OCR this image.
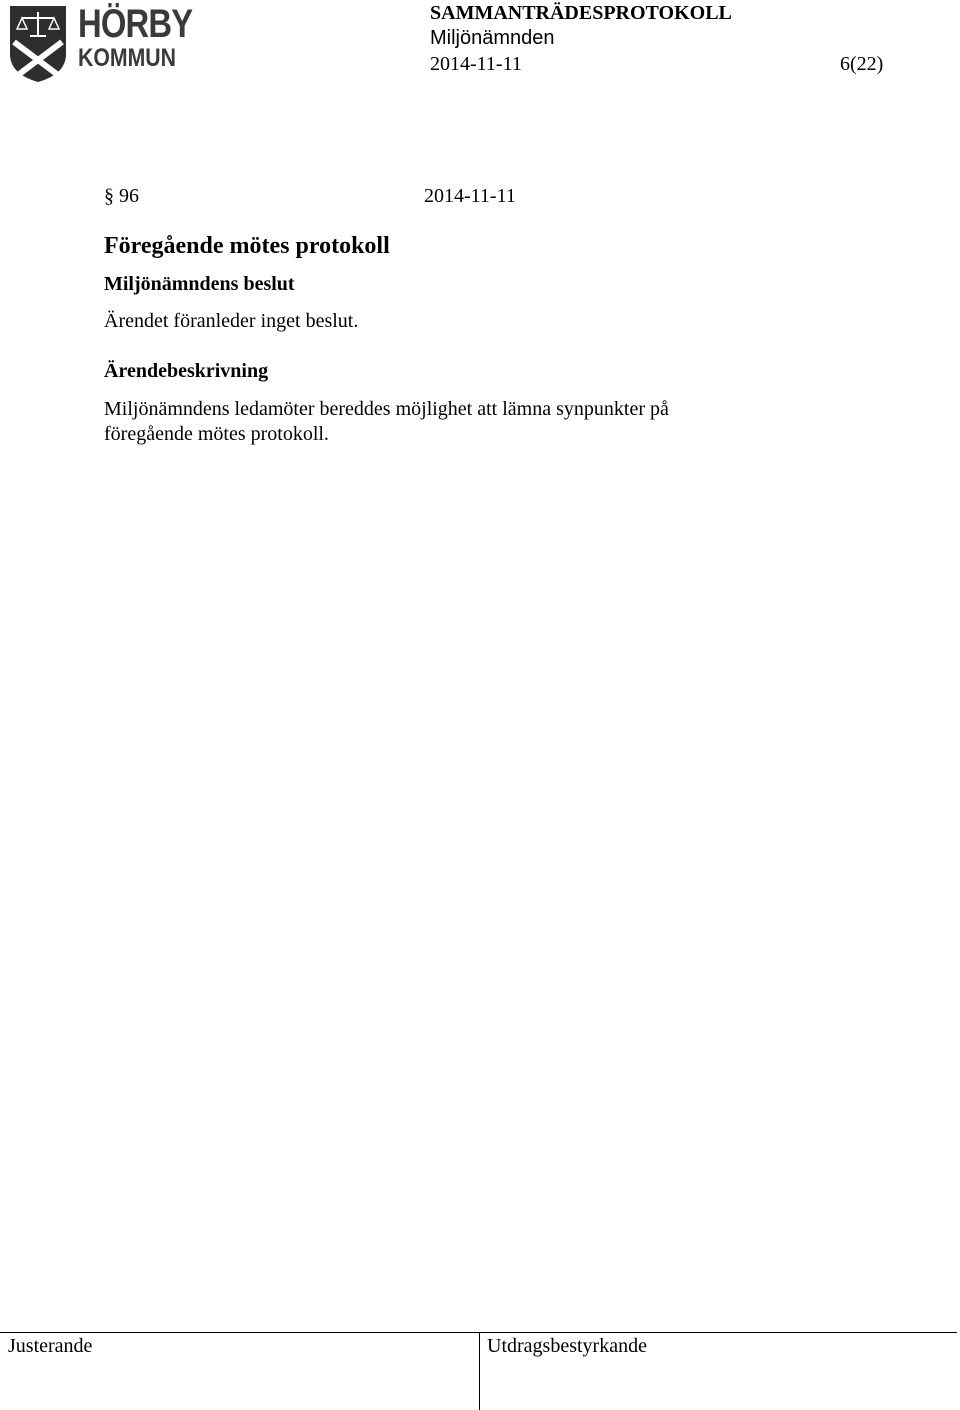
HÖRBY
KOMMUN
SAMMANTRÄDESPROTOKOLL
Miljönämnden
2014-11-11	6(22)
§ 96	2014-11-11
Föregående mötes protokoll
Miljönämndens beslut
Ärendet föranleder inget beslut.
Ärendebeskrivning
Miljönämndens ledamöter bereddes möjlighet att lämna synpunkter på
föregående mötes protokoll.
Justerande	Utdragsbestyrkande
